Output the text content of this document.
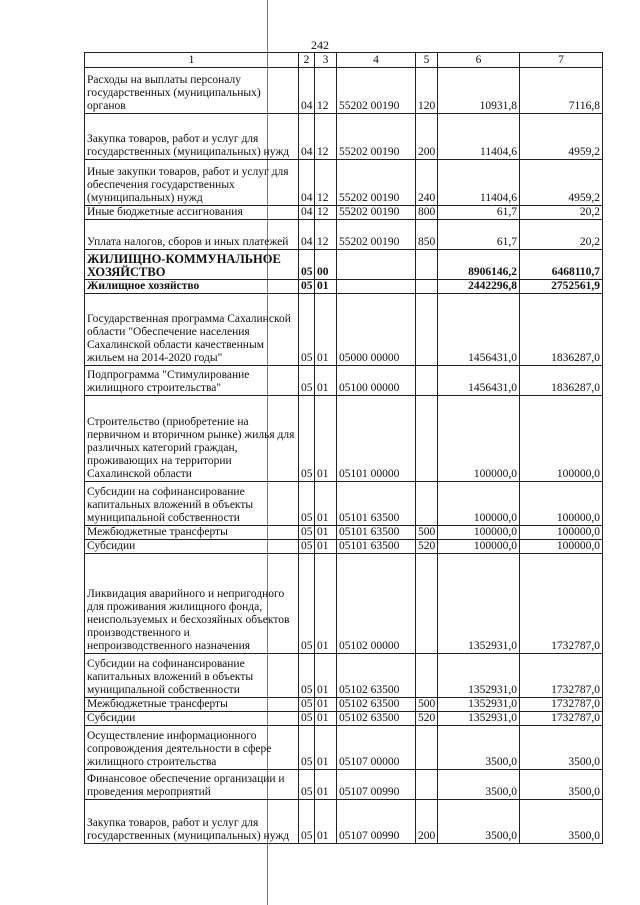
242
1	2	3	4	5	6	7
Расходы на выплаты персоналу государственных (муниципальных) органов	04	12	55202 00190	120	10931,8	7116,8
Закупка товаров, работ и услуг для государственных (муниципальных) нужд	04	12	55202 00190	200	11404,6	4959,2
Иные закупки товаров, работ и услуг для обеспечения государственных (муниципальных) нужд	04	12	55202 00190	240	11404,6	4959,2
Иные бюджетные ассигнования	04	12	55202 00190	800	61,7	20,2
Уплата налогов, сборов и иных платежей	04	12	55202 00190	850	61,7	20,2
ЖИЛИЩНО-КОММУНАЛЬНОЕ ХОЗЯЙСТВО	05	00			8906146,2	6468110,7
Жилищное хозяйство	05	01			2442296,8	2752561,9
Государственная программа Сахалинской области "Обеспечение населения Сахалинской области качественным жильем на 2014-2020 годы"	05	01	05000 00000		1456431,0	1836287,0
Подпрограмма "Стимулирование жилищного строительства"	05	01	05100 00000		1456431,0	1836287,0
Строительство (приобретение на первичном и вторичном рынке) жилья для различных категорий граждан, проживающих на территории Сахалинской области	05	01	05101 00000		100000,0	100000,0
Субсидии на софинансирование капитальных вложений в объекты муниципальной собственности	05	01	05101 63500		100000,0	100000,0
Межбюджетные трансферты	05	01	05101 63500	500	100000,0	100000,0
Субсидии	05	01	05101 63500	520	100000,0	100000,0
Ликвидация аварийного и непригодного для проживания жилищного фонда, неиспользуемых и бесхозяйных объектов производственного и непроизводственного назначения	05	01	05102 00000		1352931,0	1732787,0
Субсидии на софинансирование капитальных вложений в объекты муниципальной собственности	05	01	05102 63500		1352931,0	1732787,0
Межбюджетные трансферты	05	01	05102 63500	500	1352931,0	1732787,0
Субсидии	05	01	05102 63500	520	1352931,0	1732787,0
Осуществление информационного сопровождения деятельности в сфере жилищного строительства	05	01	05107 00000		3500,0	3500,0
Финансовое обеспечение организации и проведения мероприятий	05	01	05107 00990		3500,0	3500,0
Закупка товаров, работ и услуг для государственных (муниципальных) нужд	05	01	05107 00990	200	3500,0	3500,0
